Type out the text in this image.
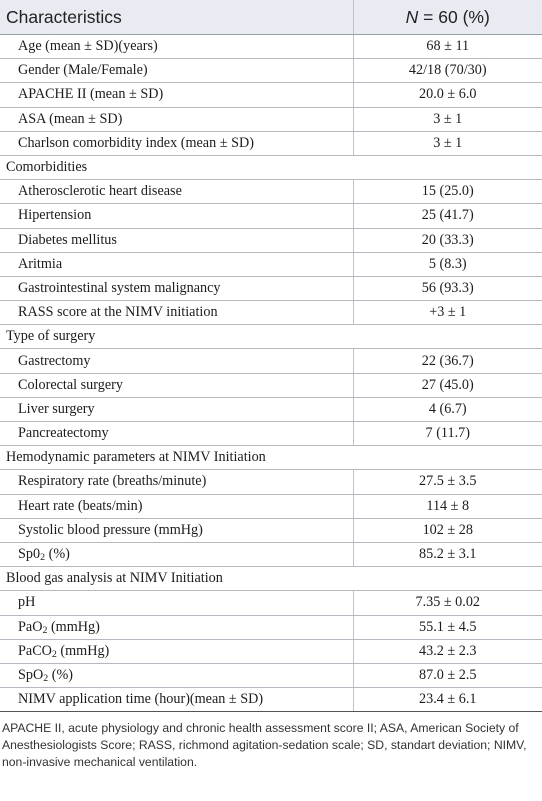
Characteristics	N = 60 (%)
Age (mean ± SD)(years)	68 ± 11
Gender (Male/Female)	42/18 (70/30)
APACHE II (mean ± SD)	20.0 ± 6.0
ASA (mean ± SD)	3 ± 1
Charlson comorbidity index (mean ± SD)	3 ± 1
Comorbidities	
Atherosclerotic heart disease	15 (25.0)
Hipertension	25 (41.7)
Diabetes mellitus	20 (33.3)
Aritmia	5 (8.3)
Gastrointestinal system malignancy	56 (93.3)
RASS score at the NIMV initiation	+3 ± 1
Type of surgery	
Gastrectomy	22 (36.7)
Colorectal surgery	27 (45.0)
Liver surgery	4 (6.7)
Pancreatectomy	7 (11.7)
Hemodynamic parameters at NIMV Initiation	
Respiratory rate (breaths/minute)	27.5 ± 3.5
Heart rate (beats/min)	114 ± 8
Systolic blood pressure (mmHg)	102 ± 28
$Sp0_2$ (%)	85.2 ± 3.1
Blood gas analysis at NIMV Initiation	
pH	7.35 ± 0.02
PaO$_2$ (mmHg)	55.1 ± 4.5
PaCO$_2$ (mmHg)	43.2 ± 2.3
SpO$_2$ (%)	87.0 ± 2.5
NIMV application time (hour)(mean ± SD)	23.4 ± 6.1

APACHE II, acute physiology and chronic health assessment score II; ASA, American Society of Anesthesiologists Score; RASS, richmond agitation-sedation scale; SD, standart deviation; NIMV, non-invasive mechanical ventilation.
